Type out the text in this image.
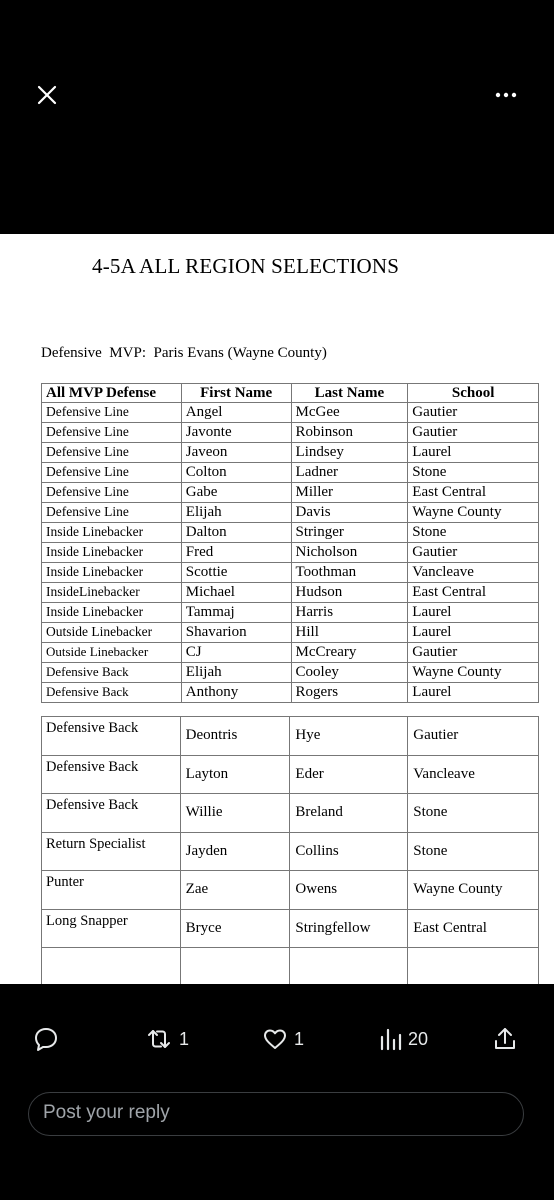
4-5A ALL REGION SELECTIONS
Defensive  MVP:  Paris Evans (Wayne County)
All MVP Defense	First Name	Last Name	School
Defensive Line	Angel	McGee	Gautier
Defensive Line	Javonte	Robinson	Gautier
Defensive Line	Javeon	Lindsey	Laurel
Defensive Line	Colton	Ladner	Stone
Defensive Line	Gabe	Miller	East Central
Defensive Line	Elijah	Davis	Wayne County
Inside Linebacker	Dalton	Stringer	Stone
Inside Linebacker	Fred	Nicholson	Gautier
Inside Linebacker	Scottie	Toothman	Vancleave
InsideLinebacker	Michael	Hudson	East Central
Inside Linebacker	Tammaj	Harris	Laurel
Outside Linebacker	Shavarion	Hill	Laurel
Outside Linebacker	CJ	McCreary	Gautier
Defensive Back	Elijah	Cooley	Wayne County
Defensive Back	Anthony	Rogers	Laurel
Defensive Back	Deontris	Hye	Gautier
Defensive Back	Layton	Eder	Vancleave
Defensive Back	Willie	Breland	Stone
Return Specialist	Jayden	Collins	Stone
Punter	Zae	Owens	Wayne County
Long Snapper	Bryce	Stringfellow	East Central

1	1	20
Post your reply
